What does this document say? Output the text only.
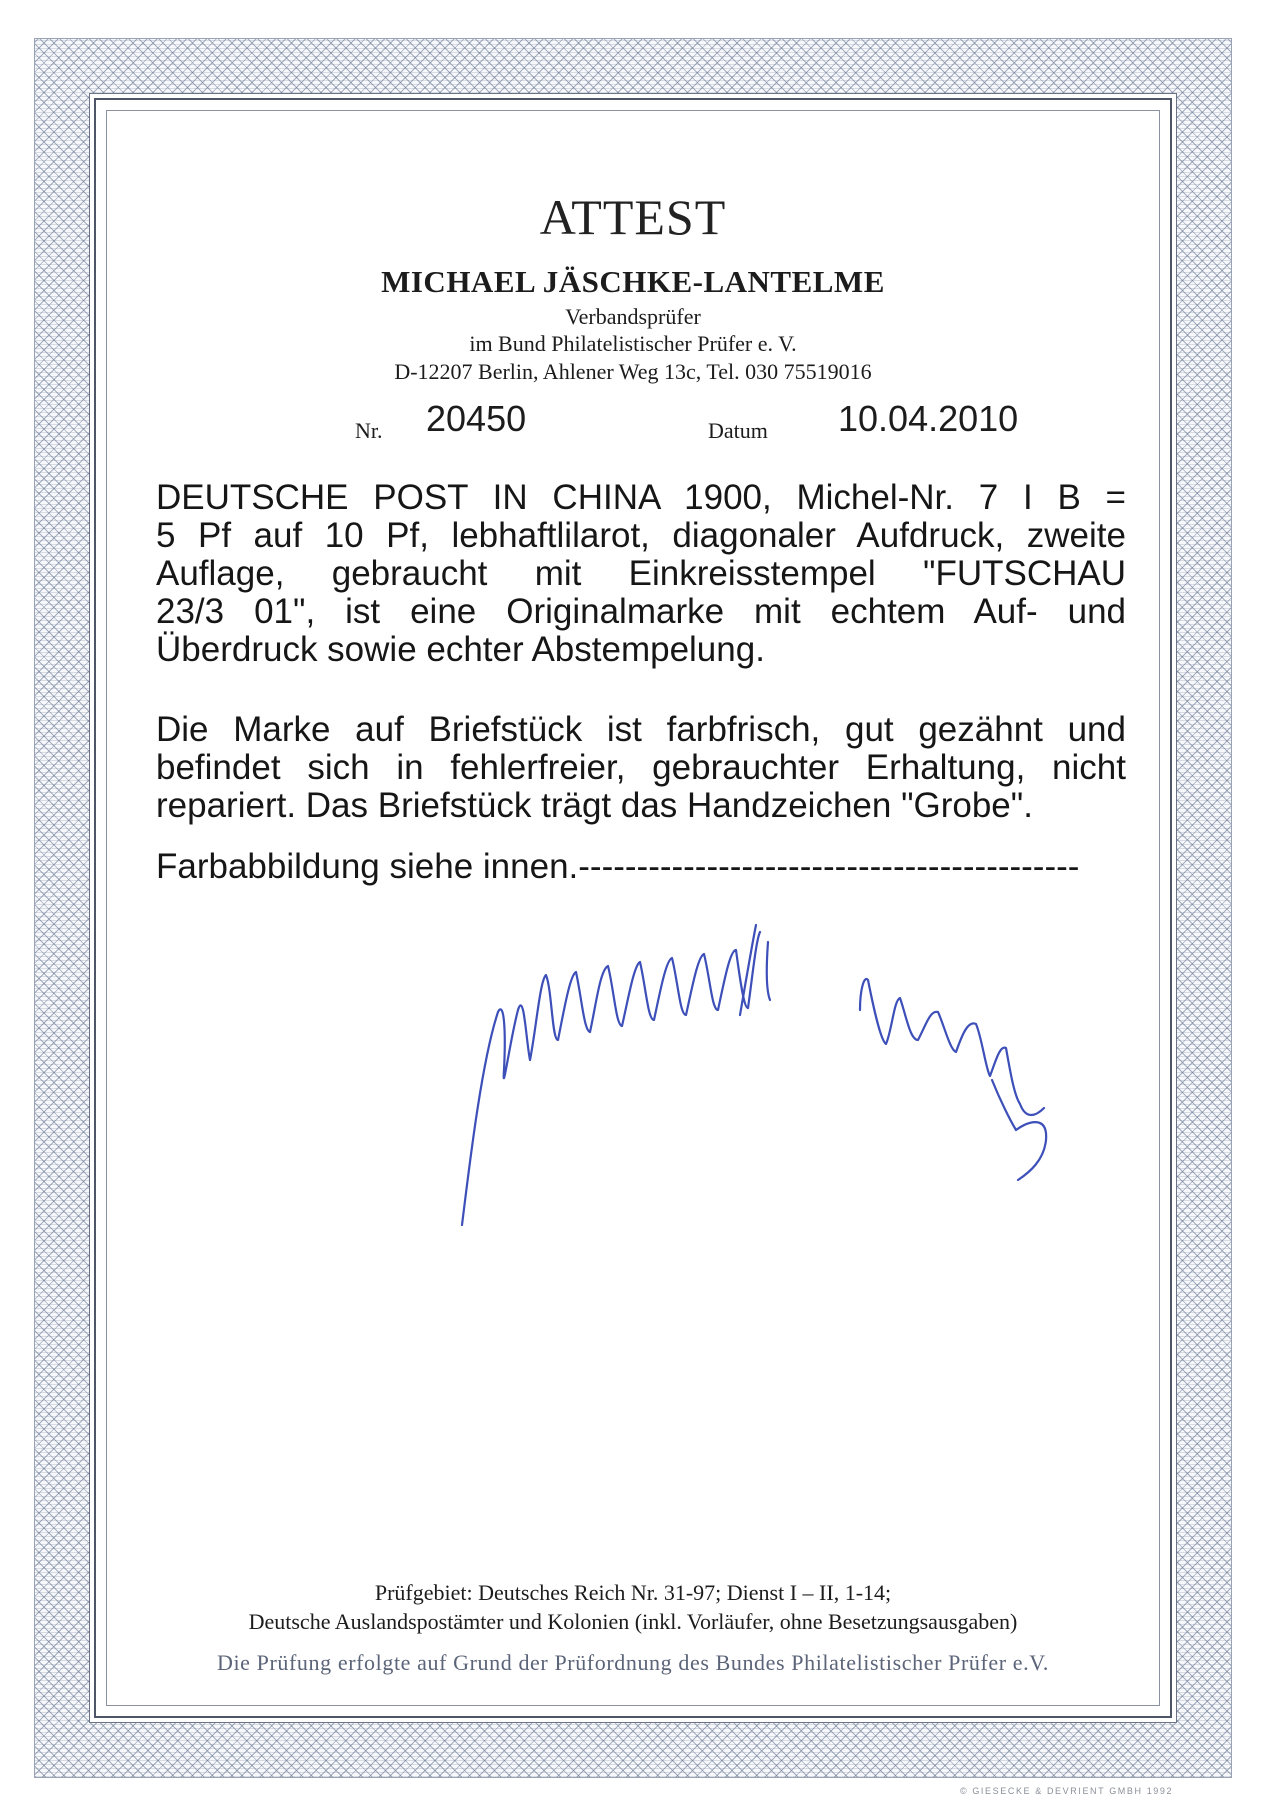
ATTEST
MICHAEL JÄSCHKE-LANTELME
Verbandsprüfer
im Bund Philatelistischer Prüfer e. V.
D-12207 Berlin, Ahlener Weg 13c, Tel. 030 75519016
Nr. 20450	Datum 10.04.2010
DEUTSCHE POST IN CHINA 1900, Michel-Nr. 7 I B =
5 Pf auf 10 Pf, lebhaftlilarot, diagonaler Aufdruck, zweite
Auflage, gebraucht mit Einkreisstempel "FUTSCHAU
23/3 01", ist eine Originalmarke mit echtem Auf- und
Überdruck sowie echter Abstempelung.
Die Marke auf Briefstück ist farbfrisch, gut gezähnt und
befindet sich in fehlerfreier, gebrauchter Erhaltung, nicht
repariert. Das Briefstück trägt das Handzeichen "Grobe".
Farbabbildung siehe innen.-------------------------------------------
Prüfgebiet: Deutsches Reich Nr. 31-97; Dienst I – II, 1-14;
Deutsche Auslandspostämter und Kolonien (inkl. Vorläufer, ohne Besetzungsausgaben)
Die Prüfung erfolgte auf Grund der Prüfordnung des Bundes Philatelistischer Prüfer e.V.
© GIESECKE & DEVRIENT GMBH 1992
